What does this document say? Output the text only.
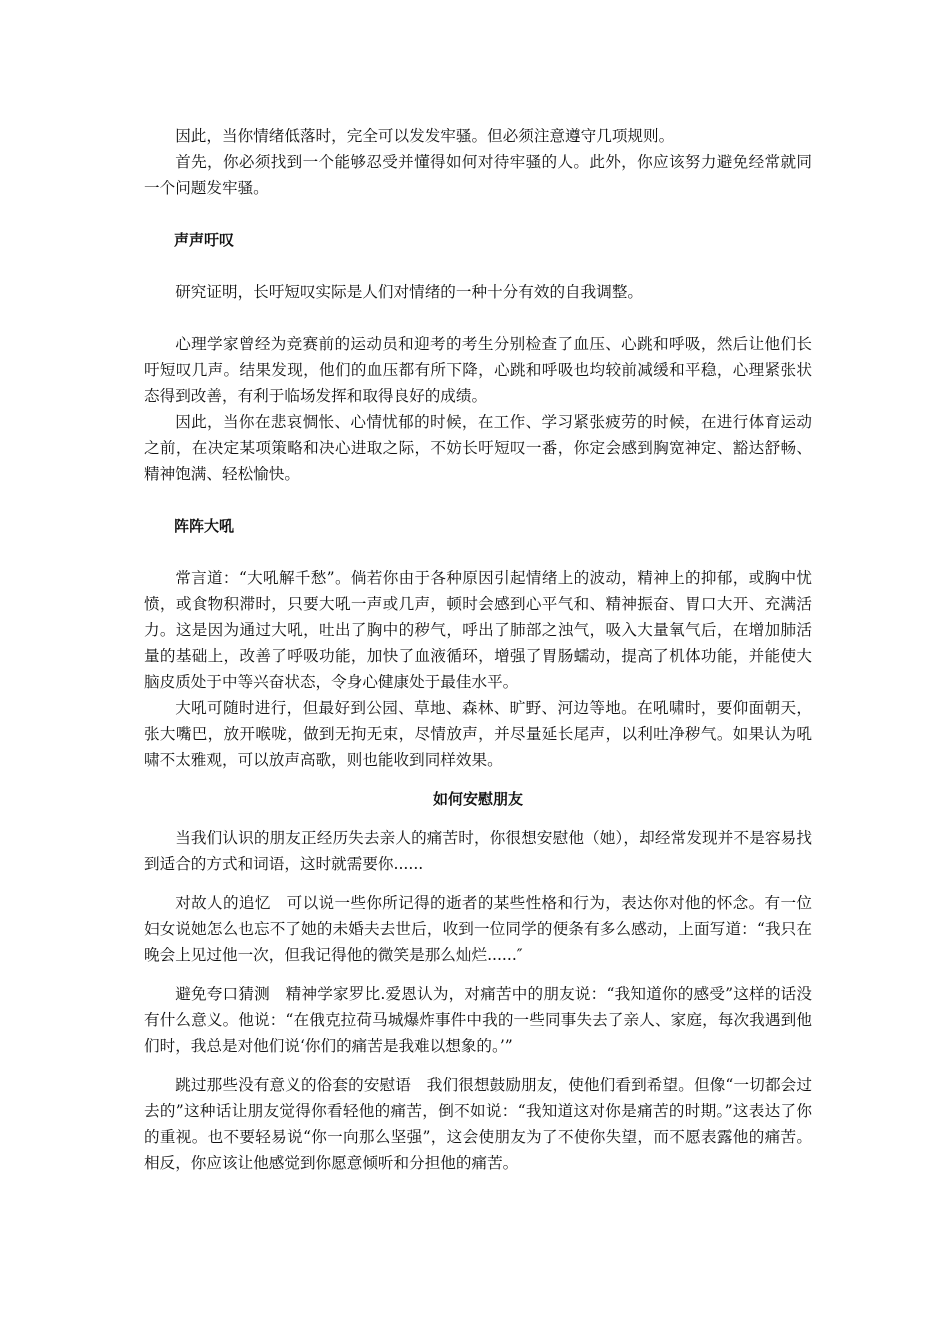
因此，当你情绪低落时，完全可以发发牢骚。但必须注意遵守几项规则。

首先，你必须找到一个能够忍受并懂得如何对待牢骚的人。此外，你应该努力避免经常就同一个问题发牢骚。

声声吁叹

研究证明，长吁短叹实际是人们对情绪的一种十分有效的自我调整。

心理学家曾经为竞赛前的运动员和迎考的考生分别检查了血压、心跳和呼吸，然后让他们长吁短叹几声。结果发现，他们的血压都有所下降，心跳和呼吸也均较前减缓和平稳，心理紧张状态得到改善，有利于临场发挥和取得良好的成绩。

因此，当你在悲哀惆怅、心情忧郁的时候，在工作、学习紧张疲劳的时候，在进行体育运动之前，在决定某项策略和决心进取之际，不妨长吁短叹一番，你定会感到胸宽神定、豁达舒畅、精神饱满、轻松愉快。

阵阵大吼

常言道：“大吼解千愁”。倘若你由于各种原因引起情绪上的波动，精神上的抑郁，或胸中忧愤，或食物积滞时，只要大吼一声或几声，顿时会感到心平气和、精神振奋、胃口大开、充满活力。这是因为通过大吼，吐出了胸中的秽气，呼出了肺部之浊气，吸入大量氧气后，在增加肺活量的基础上，改善了呼吸功能，加快了血液循环，增强了胃肠蠕动，提高了机体功能，并能使大脑皮质处于中等兴奋状态，令身心健康处于最佳水平。

大吼可随时进行，但最好到公园、草地、森林、旷野、河边等地。在吼啸时，要仰面朝天，张大嘴巴，放开喉咙，做到无拘无束，尽情放声，并尽量延长尾声，以利吐净秽气。如果认为吼啸不太雅观，可以放声高歌，则也能收到同样效果。

如何安慰朋友

当我们认识的朋友正经历失去亲人的痛苦时，你很想安慰他（她），却经常发现并不是容易找到适合的方式和词语，这时就需要你......

对故人的追忆　可以说一些你所记得的逝者的某些性格和行为，表达你对他的怀念。有一位妇女说她怎么也忘不了她的未婚夫去世后，收到一位同学的便条有多么感动，上面写道：“我只在晚会上见过他一次，但我记得他的微笑是那么灿烂......″

避免夸口猜测　精神学家罗比.爱恩认为，对痛苦中的朋友说：“我知道你的感受”这样的话没有什么意义。他说：“在俄克拉荷马城爆炸事件中我的一些同事失去了亲人、家庭，每次我遇到他们时，我总是对他们说‘你们的痛苦是我难以想象的。’”

跳过那些没有意义的俗套的安慰语　我们很想鼓励朋友，使他们看到希望。但像“一切都会过去的”这种话让朋友觉得你看轻他的痛苦，倒不如说：“我知道这对你是痛苦的时期。”这表达了你的重视。也不要轻易说“你一向那么坚强”，这会使朋友为了不使你失望，而不愿表露他的痛苦。相反，你应该让他感觉到你愿意倾听和分担他的痛苦。
